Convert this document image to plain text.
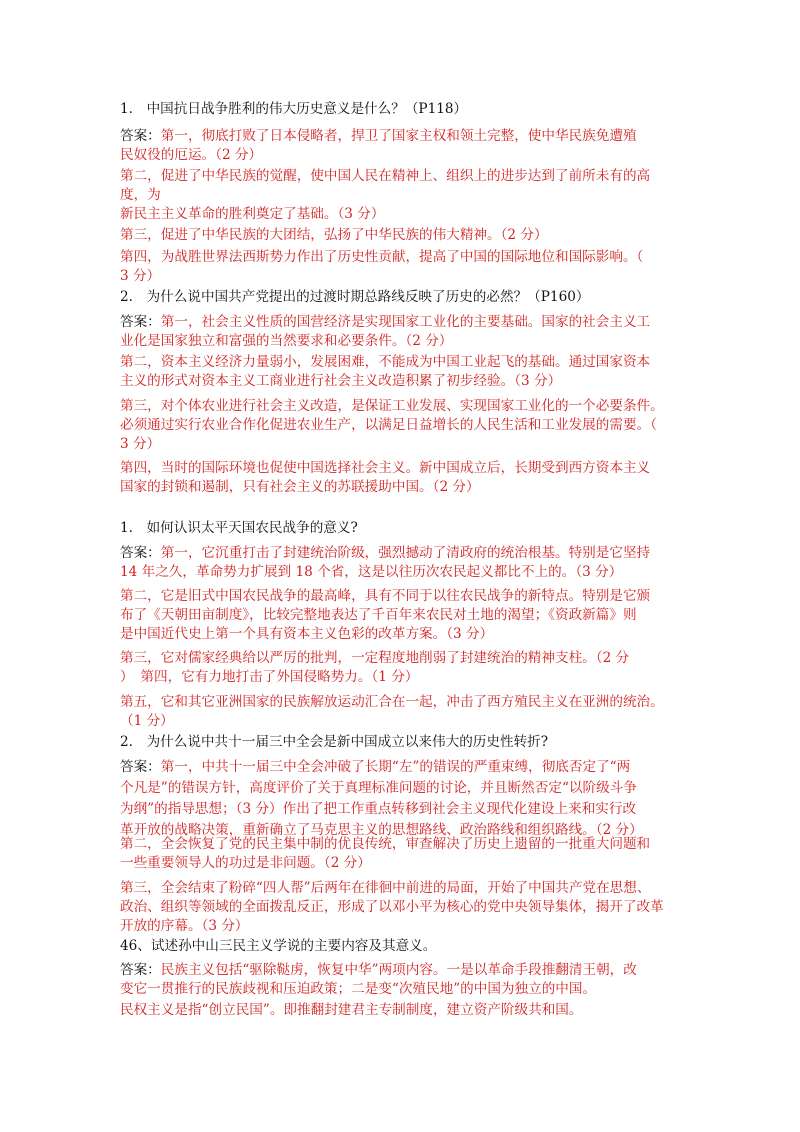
1.　中国抗日战争胜利的伟大历史意义是什么？（P118）
答案：第一，彻底打败了日本侵略者，捍卫了国家主权和领土完整，使中华民族免遭殖
民奴役的厄运。（2 分）
第二，促进了中华民族的觉醒，使中国人民在精神上、组织上的进步达到了前所未有的高
度，为
新民主主义革命的胜利奠定了基础。（3 分）
第三，促进了中华民族的大团结，弘扬了中华民族的伟大精神。（2 分）
第四，为战胜世界法西斯势力作出了历史性贡献，提高了中国的国际地位和国际影响。（
3 分）
2.　为什么说中国共产党提出的过渡时期总路线反映了历史的必然？（P160）
答案：第一，社会主义性质的国营经济是实现国家工业化的主要基础。国家的社会主义工
业化是国家独立和富强的当然要求和必要条件。（2 分）
第二，资本主义经济力量弱小，发展困难，不能成为中国工业起飞的基础。通过国家资本
主义的形式对资本主义工商业进行社会主义改造积累了初步经验。（3 分）
第三，对个体农业进行社会主义改造，是保证工业发展、实现国家工业化的一个必要条件。
必须通过实行农业合作化促进农业生产，以满足日益增长的人民生活和工业发展的需要。（
3 分）
第四，当时的国际环境也促使中国选择社会主义。新中国成立后，长期受到西方资本主义
国家的封锁和遏制，只有社会主义的苏联援助中国。（2 分）
1.　如何认识太平天国农民战争的意义?
答案：第一，它沉重打击了封建统治阶级，强烈撼动了清政府的统治根基。特别是它坚持
14 年之久，革命势力扩展到 18 个省，这是以往历次农民起义都比不上的。（3 分）
第二，它是旧式中国农民战争的最高峰，具有不同于以往农民战争的新特点。特别是它颁
布了《天朝田亩制度》，比较完整地表达了千百年来农民对土地的渴望；《资政新篇》则
是中国近代史上第一个具有资本主义色彩的改革方案。（3 分）
第三，它对儒家经典给以严厉的批判，一定程度地削弱了封建统治的精神支柱。（2 分
）　第四，它有力地打击了外国侵略势力。（1 分）
第五，它和其它亚洲国家的民族解放运动汇合在一起，冲击了西方殖民主义在亚洲的统治。
（1 分）
2.　为什么说中共十一届三中全会是新中国成立以来伟大的历史性转折?
答案：第一，中共十一届三中全会冲破了长期“左”的错误的严重束缚，彻底否定了“两
个凡是”的错误方针，高度评价了关于真理标准问题的讨论，并且断然否定“以阶级斗争
为纲”的指导思想；（3 分）作出了把工作重点转移到社会主义现代化建设上来和实行改
革开放的战略决策，重新确立了马克思主义的思想路线、政治路线和组织路线。（2 分）
第二，全会恢复了党的民主集中制的优良传统，审查解决了历史上遗留的一批重大问题和
一些重要领导人的功过是非问题。（2 分）
第三，全会结束了粉碎“四人帮”后两年在徘徊中前进的局面，开始了中国共产党在思想、
政治、组织等领域的全面拨乱反正，形成了以邓小平为核心的党中央领导集体，揭开了改革
开放的序幕。（3 分）
46、试述孙中山三民主义学说的主要内容及其意义。
答案：民族主义包括“驱除鞑虏，恢复中华”两项内容。一是以革命手段推翻清王朝，改
变它一贯推行的民族歧视和压迫政策；二是变“次殖民地”的中国为独立的中国。
民权主义是指“创立民国”。即推翻封建君主专制制度，建立资产阶级共和国。
